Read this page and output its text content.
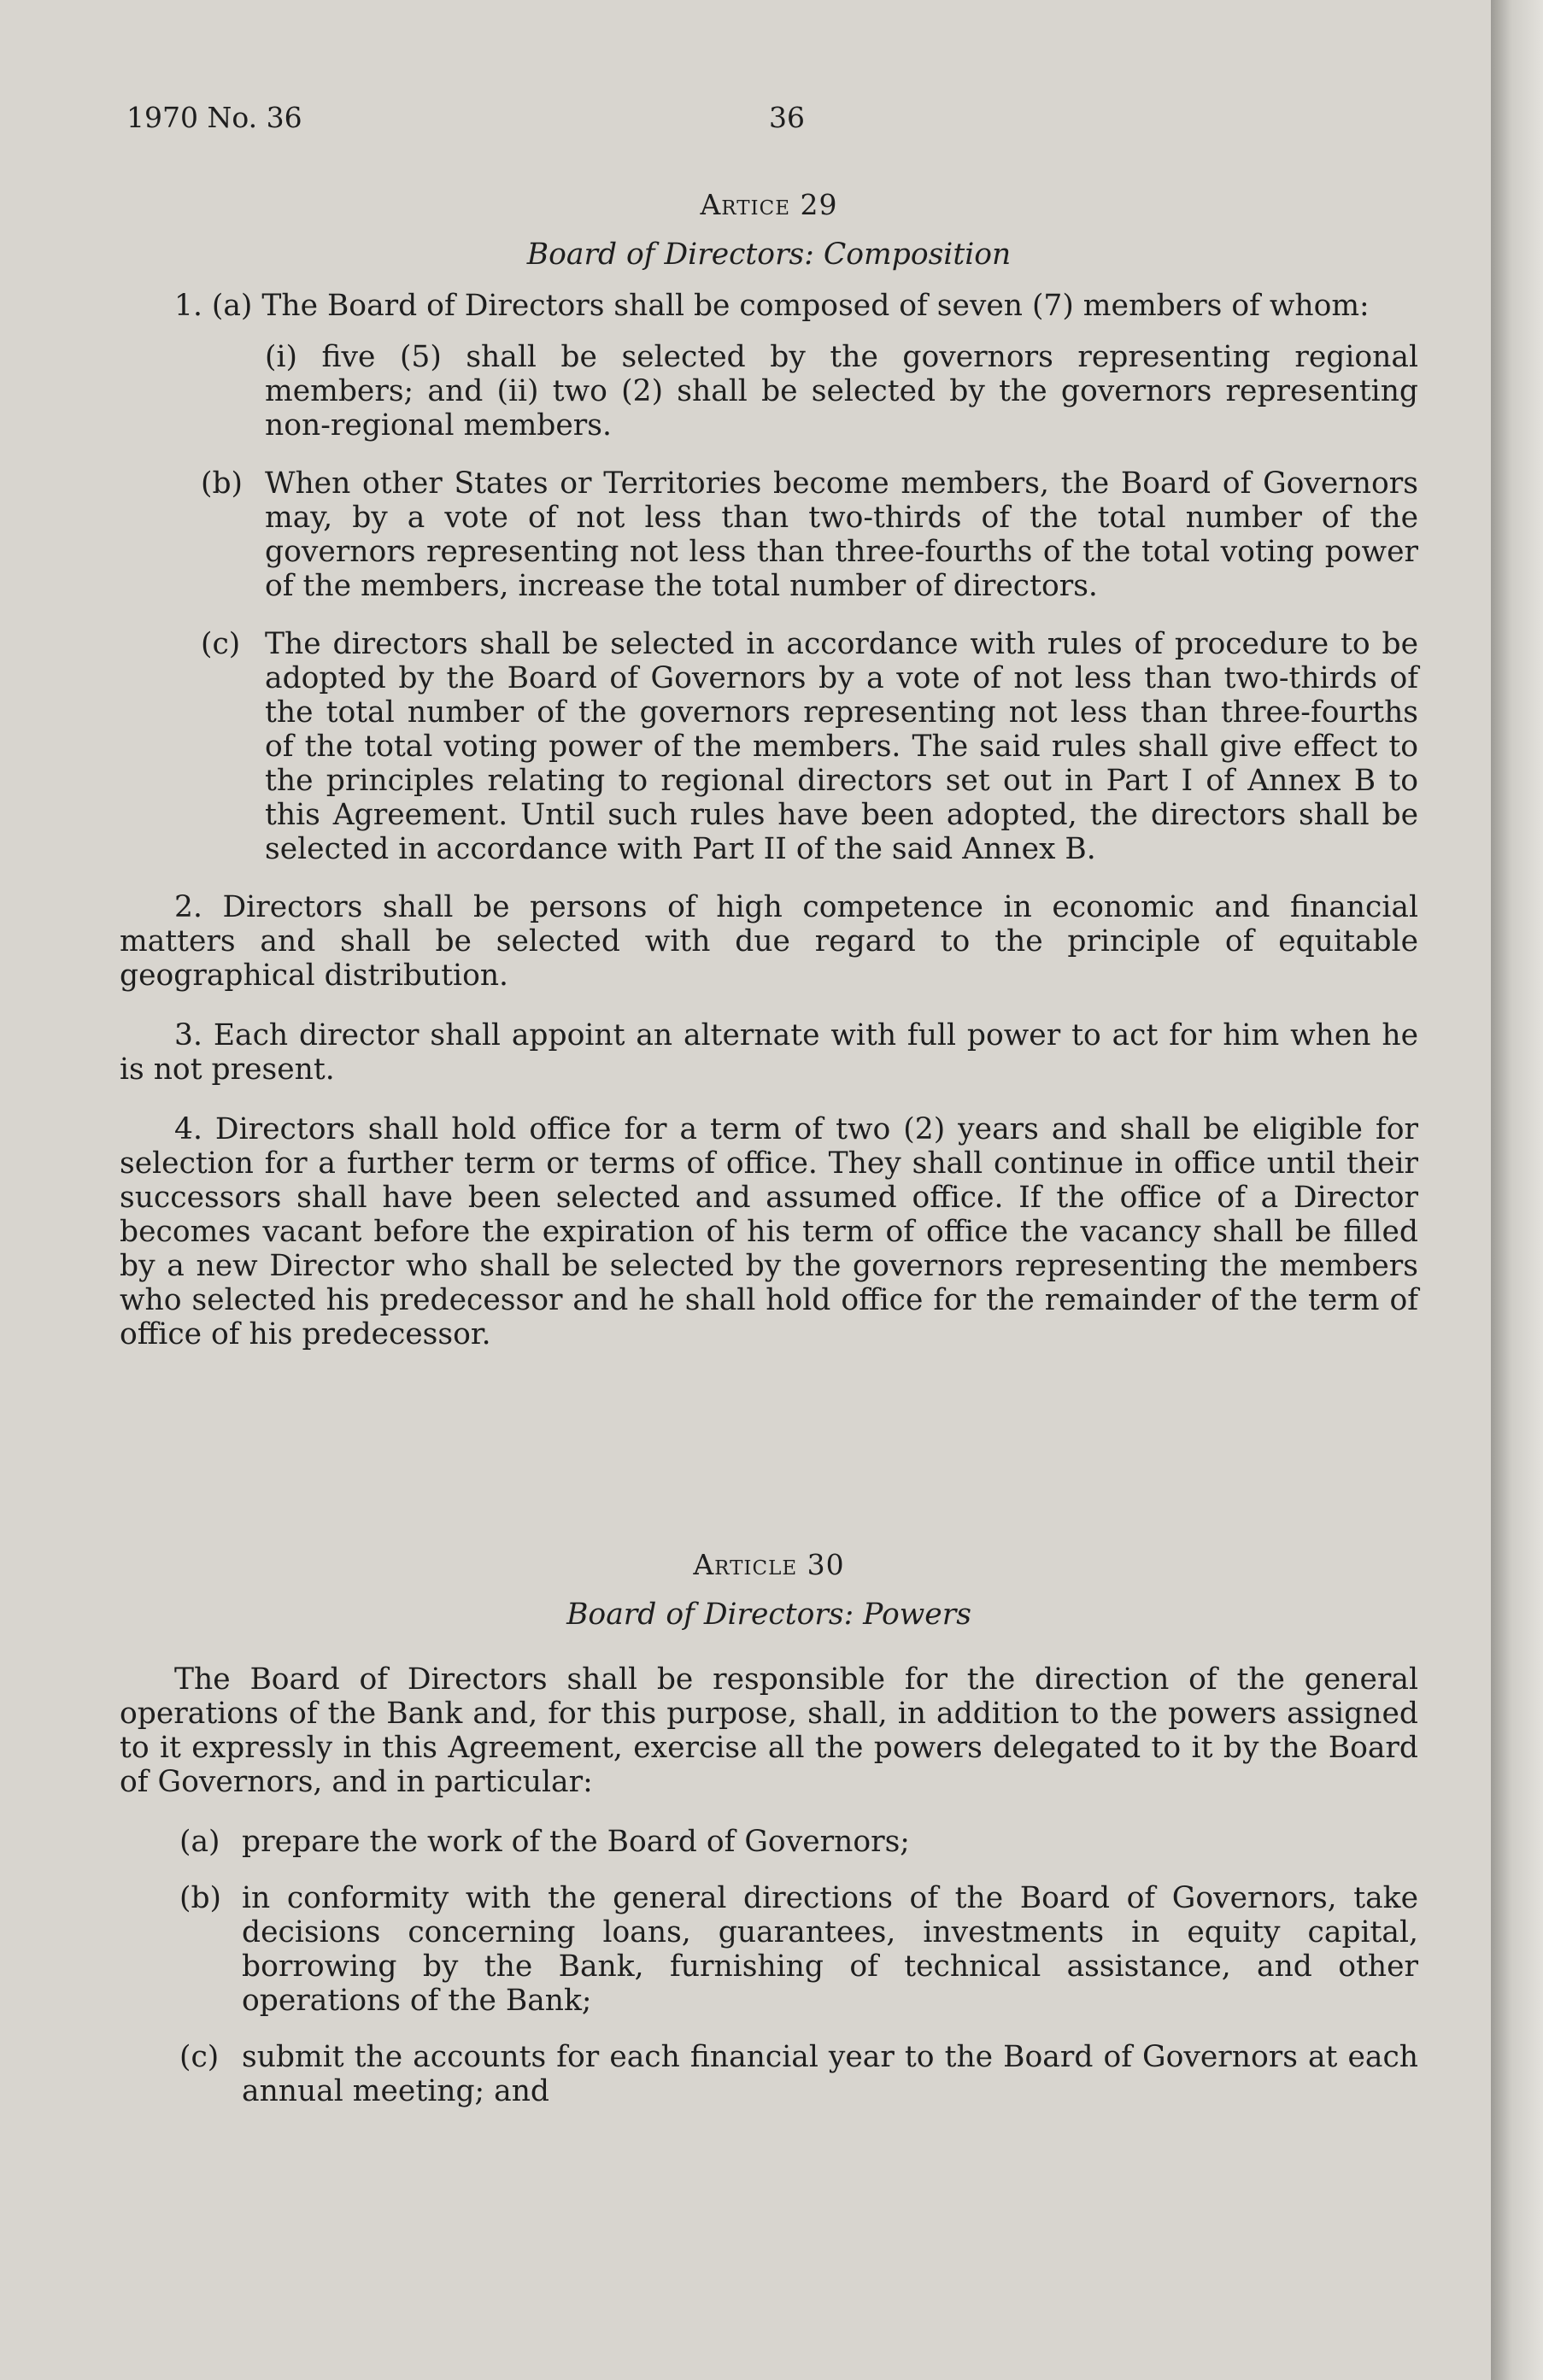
1970 No. 36	36
Artice 29
Board of Directors: Composition

1. (a) The Board of Directors shall be composed of seven (7) members of whom:

(i) five (5) shall be selected by the governors representing regional members; and (ii) two (2) shall be selected by the governors representing non-regional members.
(b) When other States or Territories become members, the Board of Governors may, by a vote of not less than two-thirds of the total number of the governors representing not less than three-fourths of the total voting power of the members, increase the total number of directors.
(c) The directors shall be selected in accordance with rules of procedure to be adopted by the Board of Governors by a vote of not less than two-thirds of the total number of the governors representing not less than three-fourths of the total voting power of the members. The said rules shall give effect to the principles relating to regional directors set out in Part I of Annex B to this Agreement. Until such rules have been adopted, the directors shall be selected in accordance with Part II of the said Annex B.

2. Directors shall be persons of high competence in economic and financial matters and shall be selected with due regard to the principle of equitable geographical distribution.

3. Each director shall appoint an alternate with full power to act for him when he is not present.

4. Directors shall hold office for a term of two (2) years and shall be eligible for selection for a further term or terms of office. They shall continue in office until their successors shall have been selected and assumed office. If the office of a Director becomes vacant before the expiration of his term of office the vacancy shall be filled by a new Director who shall be selected by the governors representing the members who selected his predecessor and he shall hold office for the remainder of the term of office of his predecessor.

Article 30
Board of Directors: Powers

The Board of Directors shall be responsible for the direction of the general operations of the Bank and, for this purpose, shall, in addition to the powers assigned to it expressly in this Agreement, exercise all the powers delegated to it by the Board of Governors, and in particular:

(a) prepare the work of the Board of Governors;
(b) in conformity with the general directions of the Board of Governors, take decisions concerning loans, guarantees, investments in equity capital, borrowing by the Bank, furnishing of technical assistance, and other operations of the Bank;
(c) submit the accounts for each financial year to the Board of Governors at each annual meeting; and
